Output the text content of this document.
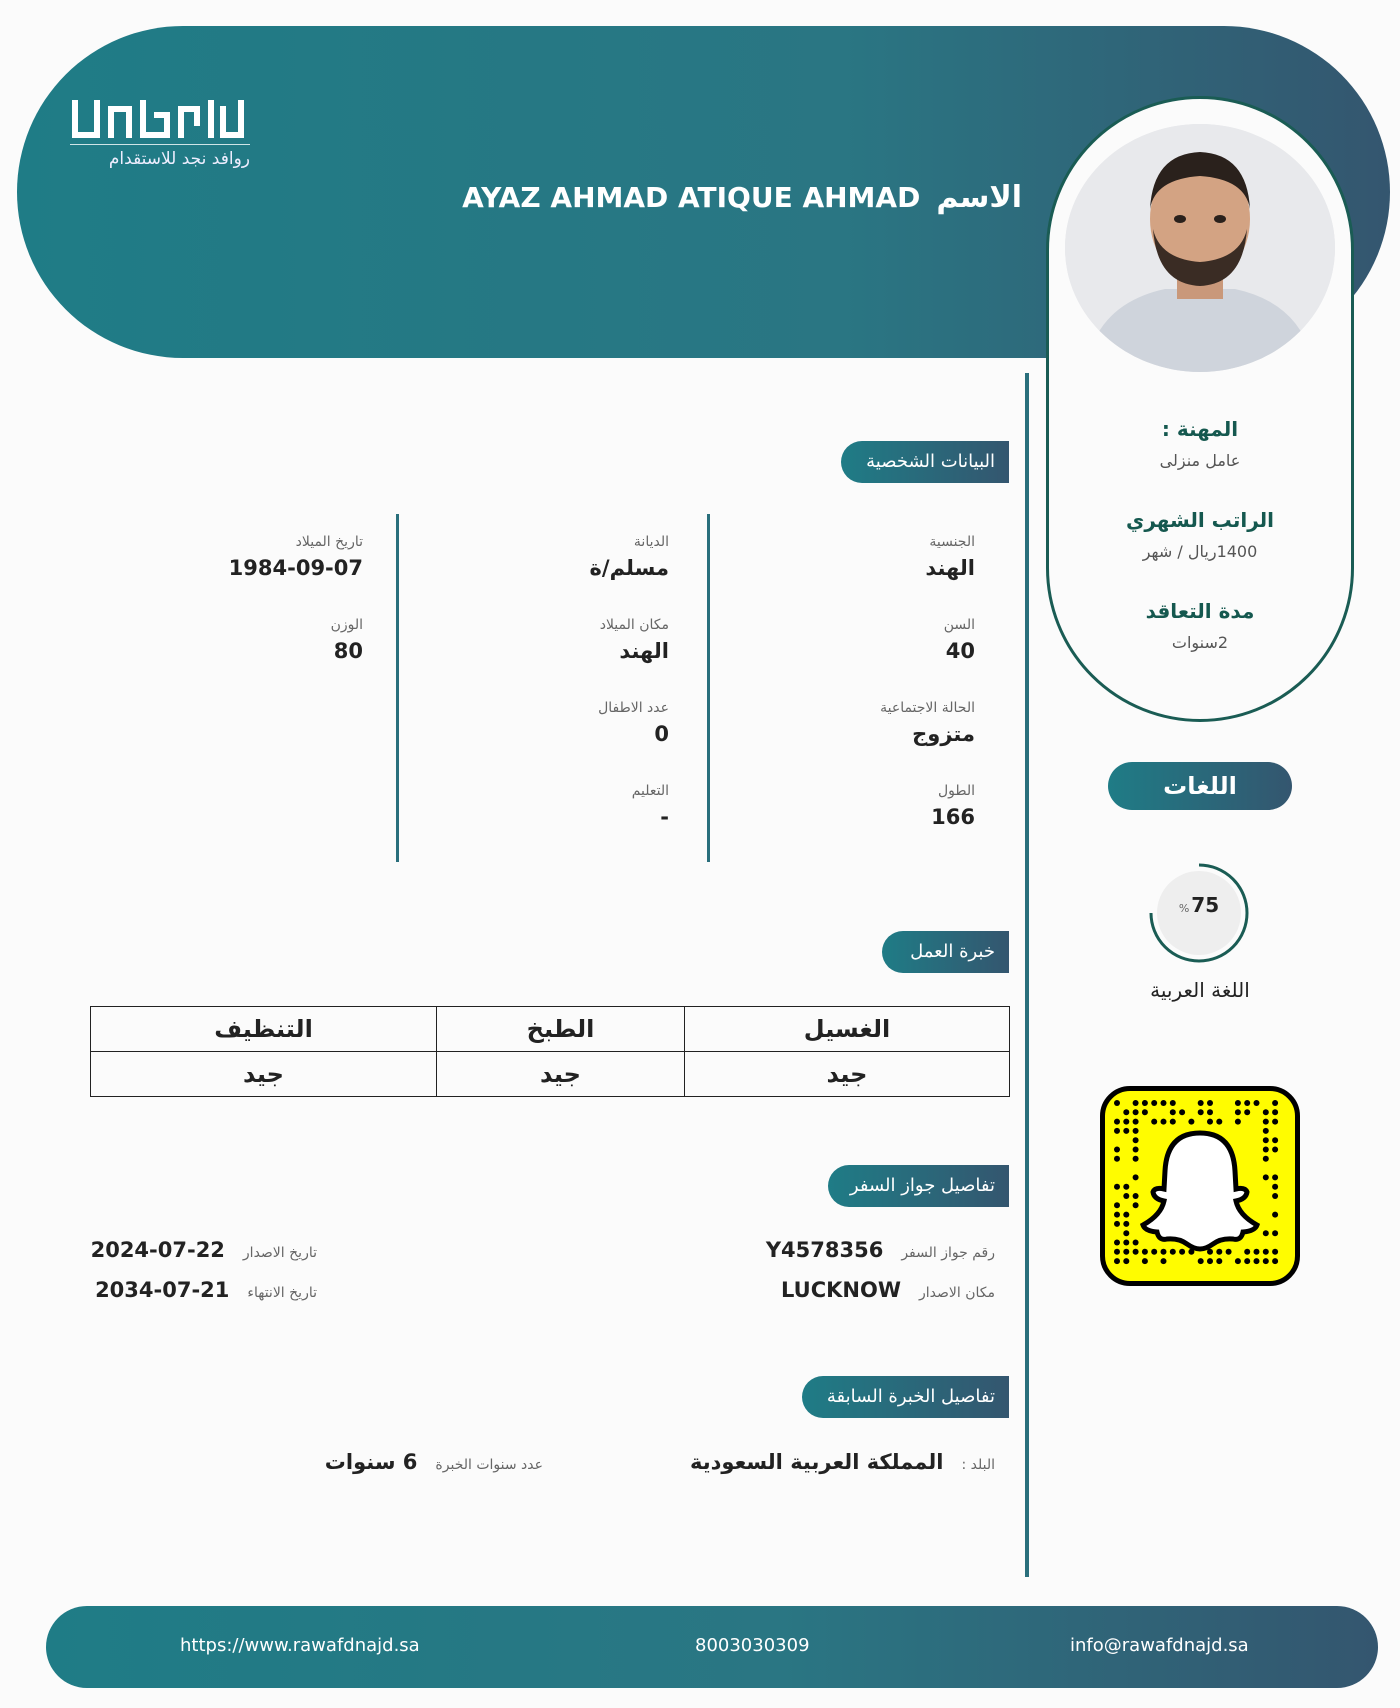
روافد نجد للاستقدام
الاسم
AYAZ AHMAD ATIQUE AHMAD
المهنة :
عامل منزلى
الراتب الشهري
1400ريال / شهر
مدة التعاقد
2سنوات
اللغات
% 75
اللغة العربية
البيانات الشخصية
الجنسية
الهند
السن
40
الحالة الاجتماعية
متزوج
الطول
166
الديانة
مسلم/ة
مكان الميلاد
الهند
عدد الاطفال
0
التعليم
-
تاريخ الميلاد
1984-09-07
الوزن
80
خبرة العمل
الغسيل	الطبخ	التنظيف
جيد	جيد	جيد
تفاصيل جواز السفر
رقم جواز السفر
Y4578356
مكان الاصدار
LUCKNOW
تاريخ الاصدار
2024-07-22
تاريخ الانتهاء
2034-07-21
تفاصيل الخبرة السابقة
البلد :
المملكة العربية السعودية
عدد سنوات الخبرة
6 سنوات
https://www.rawafdnajd.sa	8003030309	info@rawafdnajd.sa
